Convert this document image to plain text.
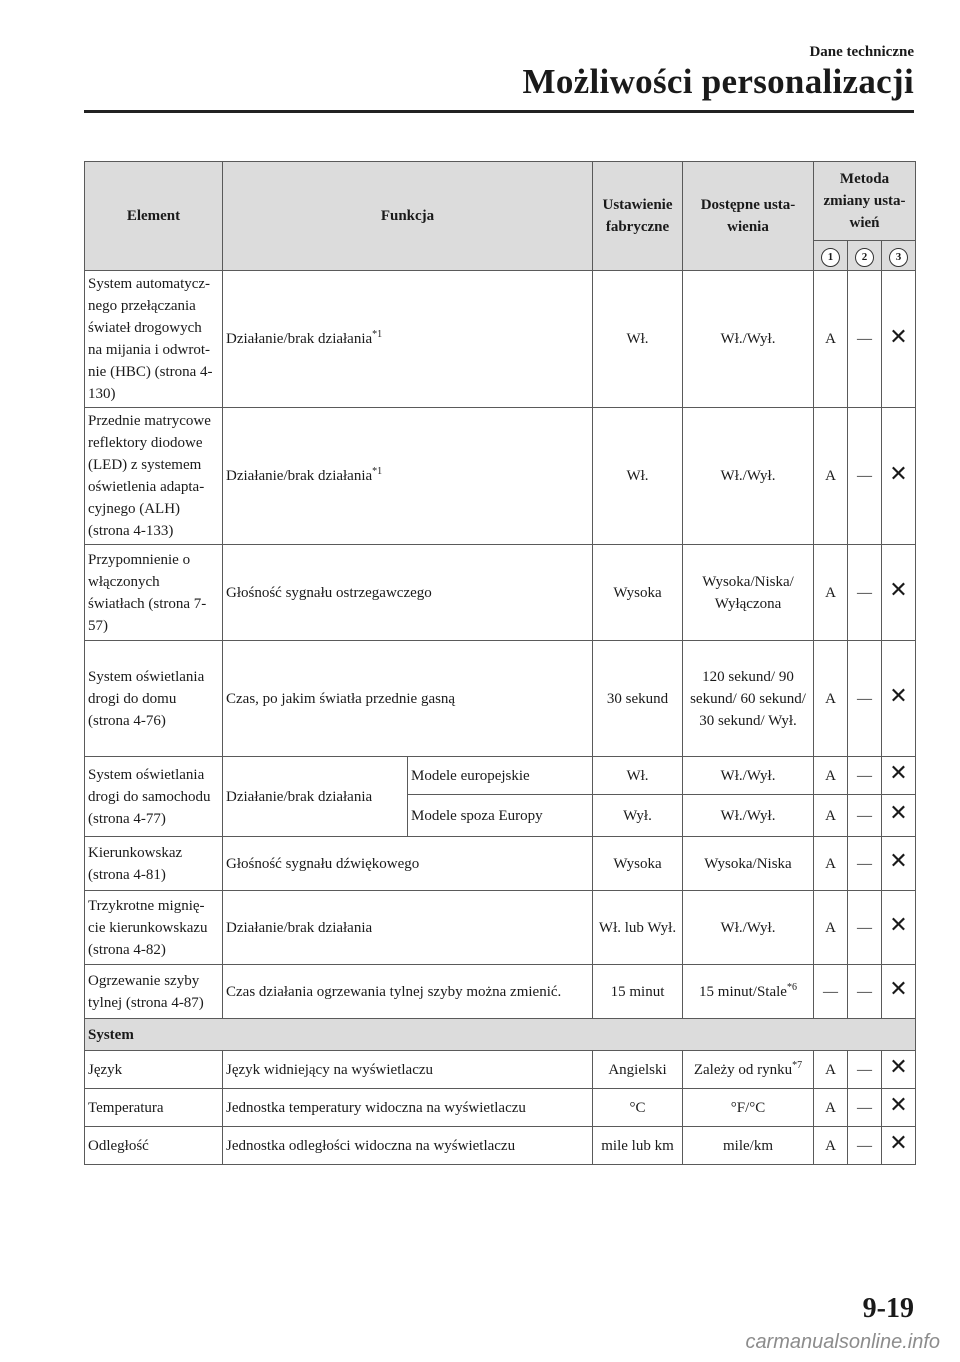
Dane techniczne
Możliwości personalizacji
Element	Funkcja		Ustawienie fabryczne	Dostępne usta-wienia	Metoda zmiany usta-wień		
					1	2	3
System automatycz-nego przełączania świateł drogowych na mijania i odwrot-nie (HBC) (strona 4-130)	Działanie/brak działania$^{*1}$		Wł.	Wł./Wył.	A	—	✕
Przednie matrycowe reflektory diodowe (LED) z systemem oświetlenia adapta-cyjnego (ALH) (strona 4-133)	Działanie/brak działania$^{*1}$		Wł.	Wł./Wył.	A	—	✕
Przypomnienie o włączonych światłach (strona 7-57)	Głośność sygnału ostrzegawczego		Wysoka	Wysoka/Niska/ Wyłączona	A	—	✕
System oświetlania drogi do domu (strona 4-76)	Czas, po jakim światła przednie gasną		30 sekund	120 sekund/ 90 sekund/ 60 sekund/ 30 sekund/ Wył.	A	—	✕
System oświetlania drogi do samochodu (strona 4-77)	Działanie/brak działania	Modele europejskie	Wł.	Wł./Wył.	A	—	✕
		Modele spoza Europy	Wył.	Wł./Wył.	A	—	✕
Kierunkowskaz (strona 4-81)	Głośność sygnału dźwiękowego		Wysoka	Wysoka/Niska	A	—	✕
Trzykrotne mignię-cie kierunkowskazu (strona 4-82)	Działanie/brak działania		Wł. lub Wył.	Wł./Wył.	A	—	✕
Ogrzewanie szyby tylnej (strona 4-87)	Czas działania ogrzewania tylnej szyby można zmienić.		15 minut	15 minut/Stale$^{*6}$	—	—	✕
System							
Język	Język widniejący na wyświetlaczu		Angielski	Zależy od rynku$^{*7}$	A	—	✕
Temperatura	Jednostka temperatury widoczna na wyświetlaczu		°C	°F/°C	A	—	✕
Odległość	Jednostka odległości widoczna na wyświetlaczu		mile lub km	mile/km	A	—	✕
9-19
carmanualsonline.info
